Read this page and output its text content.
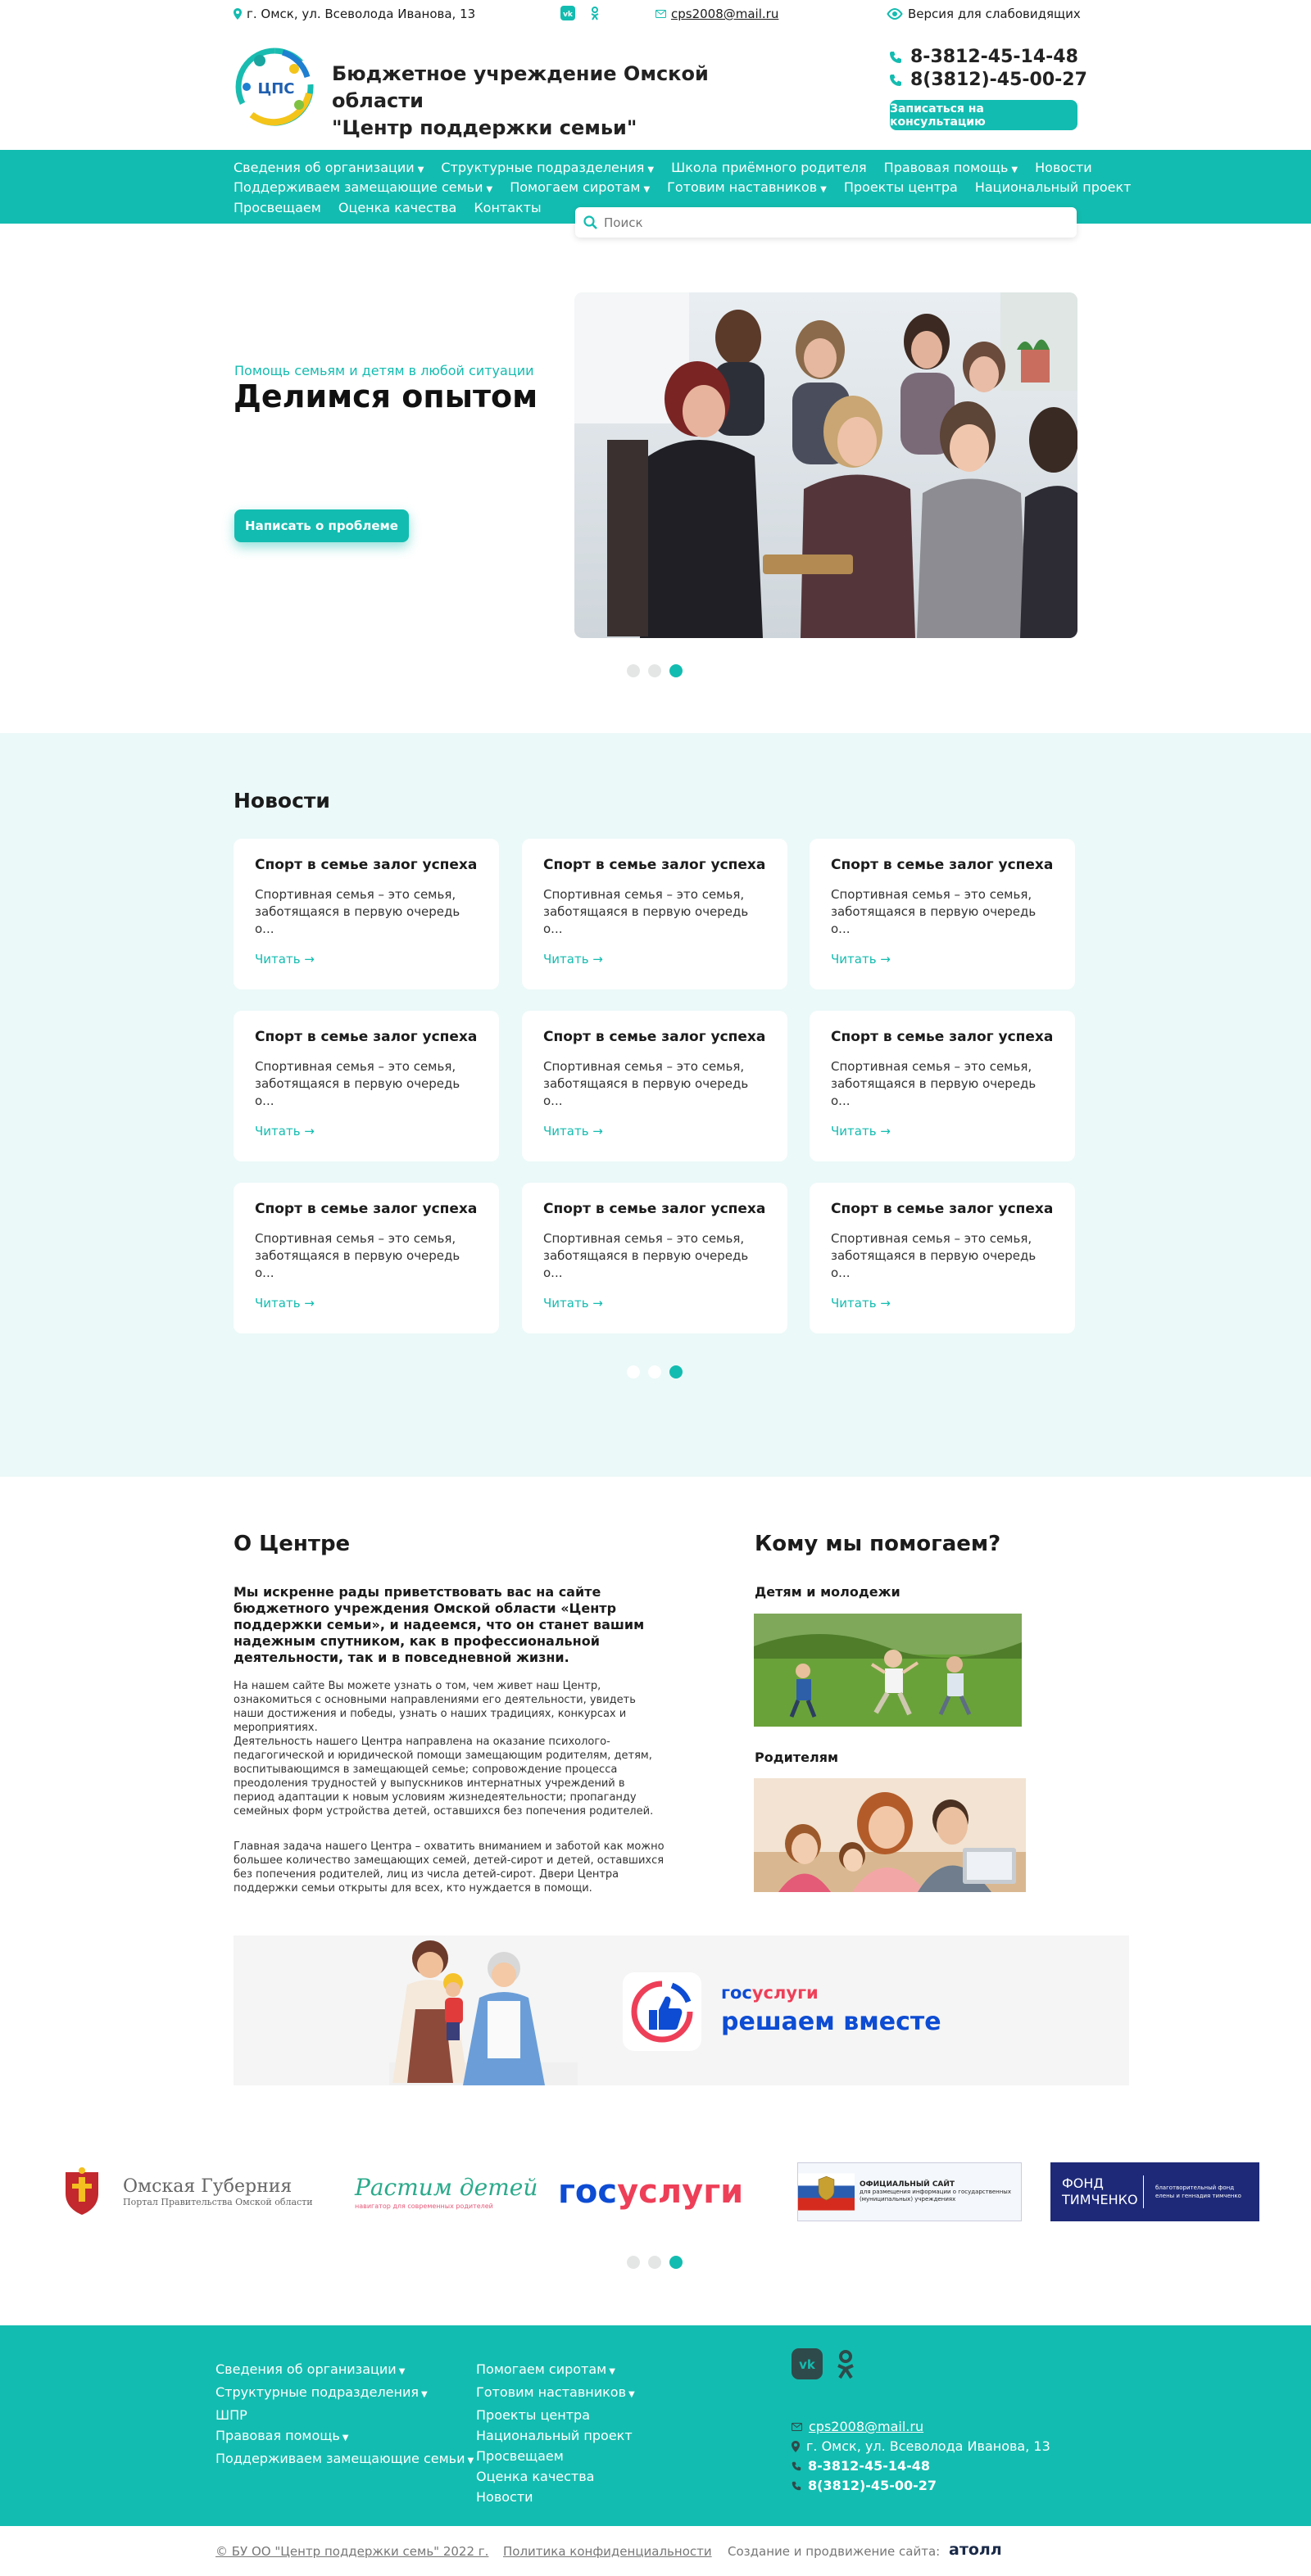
г. Омск, ул. Всеволода Иванова, 13	vk	cps2008@mail.ru	Версия для слабовидящих
ЦПС
Бюджетное учреждение Омской области
"Центр поддержки семьи"
8-3812-45-14-48
8(3812)-45-00-27
Записаться на консультацию
Сведения об организации ▼ Структурные подразделения ▼ Школа приёмного родителя Правовая помощь ▼ Новости
Поддерживаем замещающие семьи ▼ Помогаем сиротам ▼ Готовим наставников ▼ Проекты центра Национальный проект
Просвещаем Оценка качества Контакты
Поиск
Помощь семьям и детям в любой ситуации
Делимся опытом
Написать о проблеме
Новости
Спорт в семье залог успеха

Спортивная семья – это семья, заботящаяся в первую очередь о...

Читать →
Спорт в семье залог успеха

Спортивная семья – это семья, заботящаяся в первую очередь о...

Читать →
Спорт в семье залог успеха

Спортивная семья – это семья, заботящаяся в первую очередь о...

Читать →
Спорт в семье залог успеха

Спортивная семья – это семья, заботящаяся в первую очередь о...

Читать →
Спорт в семье залог успеха

Спортивная семья – это семья, заботящаяся в первую очередь о...

Читать →
Спорт в семье залог успеха

Спортивная семья – это семья, заботящаяся в первую очередь о...

Читать →
Спорт в семье залог успеха

Спортивная семья – это семья, заботящаяся в первую очередь о...

Читать →
Спорт в семье залог успеха

Спортивная семья – это семья, заботящаяся в первую очередь о...

Читать →
Спорт в семье залог успеха

Спортивная семья – это семья, заботящаяся в первую очередь о...

Читать →
О Центре
Мы искренне рады приветствовать вас на сайте бюджетного учреждения Омской области «Центр поддержки семьи», и надеемся, что он станет вашим надежным спутником, как в профессиональной деятельности, так и в повседневной жизни.
На нашем сайте Вы можете узнать о том, чем живет наш Центр, ознакомиться с основными направлениями его деятельности, увидеть наши достижения и победы, узнать о наших традициях, конкурсах и мероприятиях.
Деятельность нашего Центра направлена на оказание психолого-педагогической и юридической помощи замещающим родителям, детям, воспитывающимся в замещающей семье; сопровождение процесса преодоления трудностей у выпускников интернатных учреждений в период адаптации к новым условиям жизнедеятельности; пропаганду семейных форм устройства детей, оставшихся без попечения родителей.
Главная задача нашего Центра – охватить вниманием и заботой как можно большее количество замещающих семей, детей-сирот и детей, оставшихся без попечения родителей, лиц из числа детей-сирот. Двери Центра поддержки семьи открыты для всех, кто нуждается в помощи.
Кому мы помогаем?
Детям и молодежи
Родителям
госуслуги
решаем вместе
Омская Губерния
Портал Правительства Омской области
Растим детей
навигатор для современных родителей гос услуги	ОФИЦИАЛЬНЫЙ САЙТ
для размещения информации о государственных (муниципальных) учреждениях
ФОНД ТИМЧЕНКО
благотворительный фонд елены и геннадия тимченко
Сведения об организации ▼
Структурные подразделения ▼
ШПР
Правовая помощь ▼
Поддерживаем замещающие семьи ▼
Помогаем сиротам ▼
Готовим наставников ▼
Проекты центра
Национальный проект
Просвещаем
Оценка качества
Новости
vk
cps2008@mail.ru
г. Омск, ул. Всеволода Иванова, 13
8-3812-45-14-48
8(3812)-45-00-27
© БУ ОО "Центр поддержки семь" 2022 г. Политика конфиденциальности Создание и продвижение сайта: атолл
